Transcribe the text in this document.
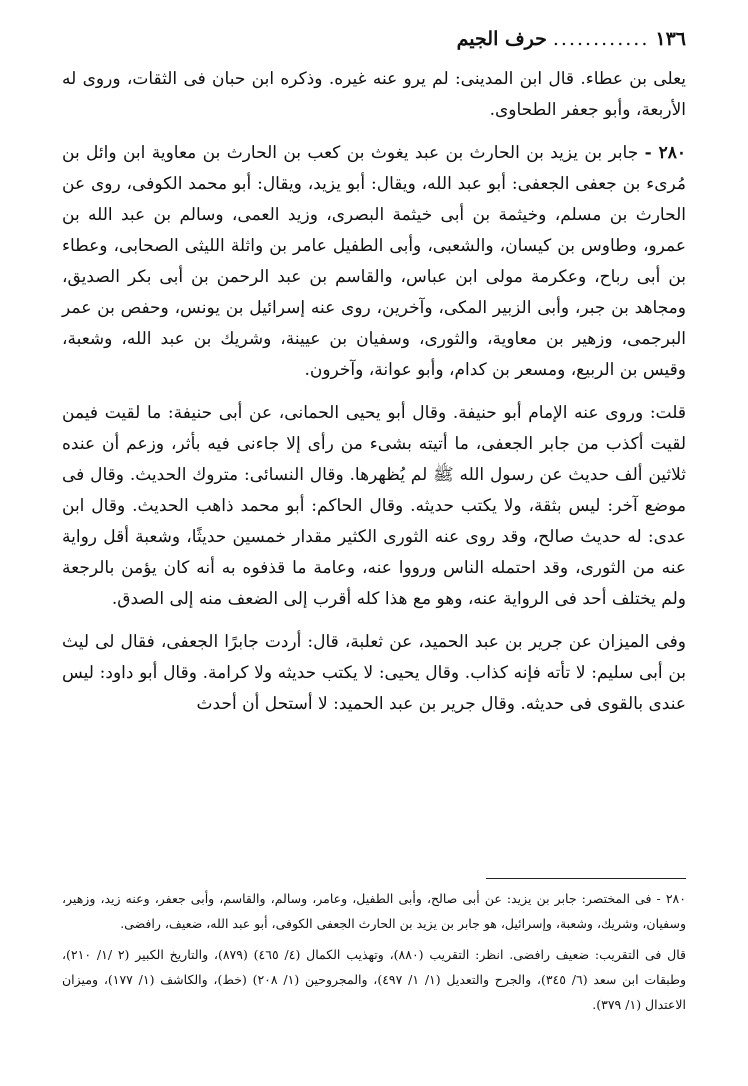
١٣٦
............
حرف الجيم

يعلى بن عطاء. قال ابن المدينى: لم يرو عنه غيره. وذكره ابن حبان فى الثقات، وروى له الأربعة، وأبو جعفر الطحاوى.

٢٨٠ - جابر بن يزيد بن الحارث بن عبد يغوث بن كعب بن الحارث بن معاوية ابن وائل بن مُرىء بن جعفى الجعفى: أبو عبد الله، ويقال: أبو يزيد، ويقال: أبو محمد الكوفى، روى عن الحارث بن مسلم، وخيثمة بن أبى خيثمة البصرى، وزيد العمى، وسالم بن عبد الله بن عمرو، وطاوس بن كيسان، والشعبى، وأبى الطفيل عامر بن واثلة الليثى الصحابى، وعطاء بن أبى رباح، وعكرمة مولى ابن عباس، والقاسم بن عبد الرحمن بن أبى بكر الصديق، ومجاهد بن جبر، وأبى الزبير المكى، وآخرين، روى عنه إسرائيل بن يونس، وحفص بن عمر البرجمى، وزهير بن معاوية، والثورى، وسفيان بن عيينة، وشريك بن عبد الله، وشعبة، وقيس بن الربيع، ومسعر بن كدام، وأبو عوانة، وآخرون.

قلت: وروى عنه الإمام أبو حنيفة. وقال أبو يحيى الحمانى، عن أبى حنيفة: ما لقيت فيمن لقيت أكذب من جابر الجعفى، ما أتيته بشىء من رأى إلا جاءنى فيه بأثر، وزعم أن عنده ثلاثين ألف حديث عن رسول الله ﷺ لم يُظهرها. وقال النسائى: متروك الحديث. وقال فى موضع آخر: ليس بثقة، ولا يكتب حديثه. وقال الحاكم: أبو محمد ذاهب الحديث. وقال ابن عدى: له حديث صالح، وقد روى عنه الثورى الكثير مقدار خمسين حديثًا، وشعبة أقل رواية عنه من الثورى، وقد احتمله الناس ورووا عنه، وعامة ما قذفوه به أنه كان يؤمن بالرجعة ولم يختلف أحد فى الرواية عنه، وهو مع هذا كله أقرب إلى الضعف منه إلى الصدق.

وفى الميزان عن جرير بن عبد الحميد، عن ثعلبة، قال: أردت جابرًا الجعفى، فقال لى ليث بن أبى سليم: لا تأته فإنه كذاب. وقال يحيى: لا يكتب حديثه ولا كرامة. وقال أبو داود: ليس عندى بالقوى فى حديثه. وقال جرير بن عبد الحميد: لا أستحل أن أحدث

٢٨٠ - فى المختصر: جابر بن يزيد: عن أبى صالح، وأبى الطفيل، وعامر، وسالم، والقاسم، وأبى جعفر، وعنه زيد، وزهير، وسفيان، وشريك، وشعبة، وإسرائيل، هو جابر بن يزيد بن الحارث الجعفى الكوفى، أبو عبد الله، ضعيف، رافضى.

قال فى التقريب: ضعيف رافضى. انظر: التقريب (٨٨٠)، وتهذيب الكمال (٤/ ٤٦٥) (٨٧٩)، والتاريخ الكبير (٢ /١/ ٢١٠)، وطبقات ابن سعد (٦/ ٣٤٥)، والجرح والتعديل (١/ ١/ ٤٩٧)، والمجروحين (١/ ٢٠٨) (خط)، والكاشف (١/ ١٧٧)، وميزان الاعتدال (١/ ٣٧٩).
